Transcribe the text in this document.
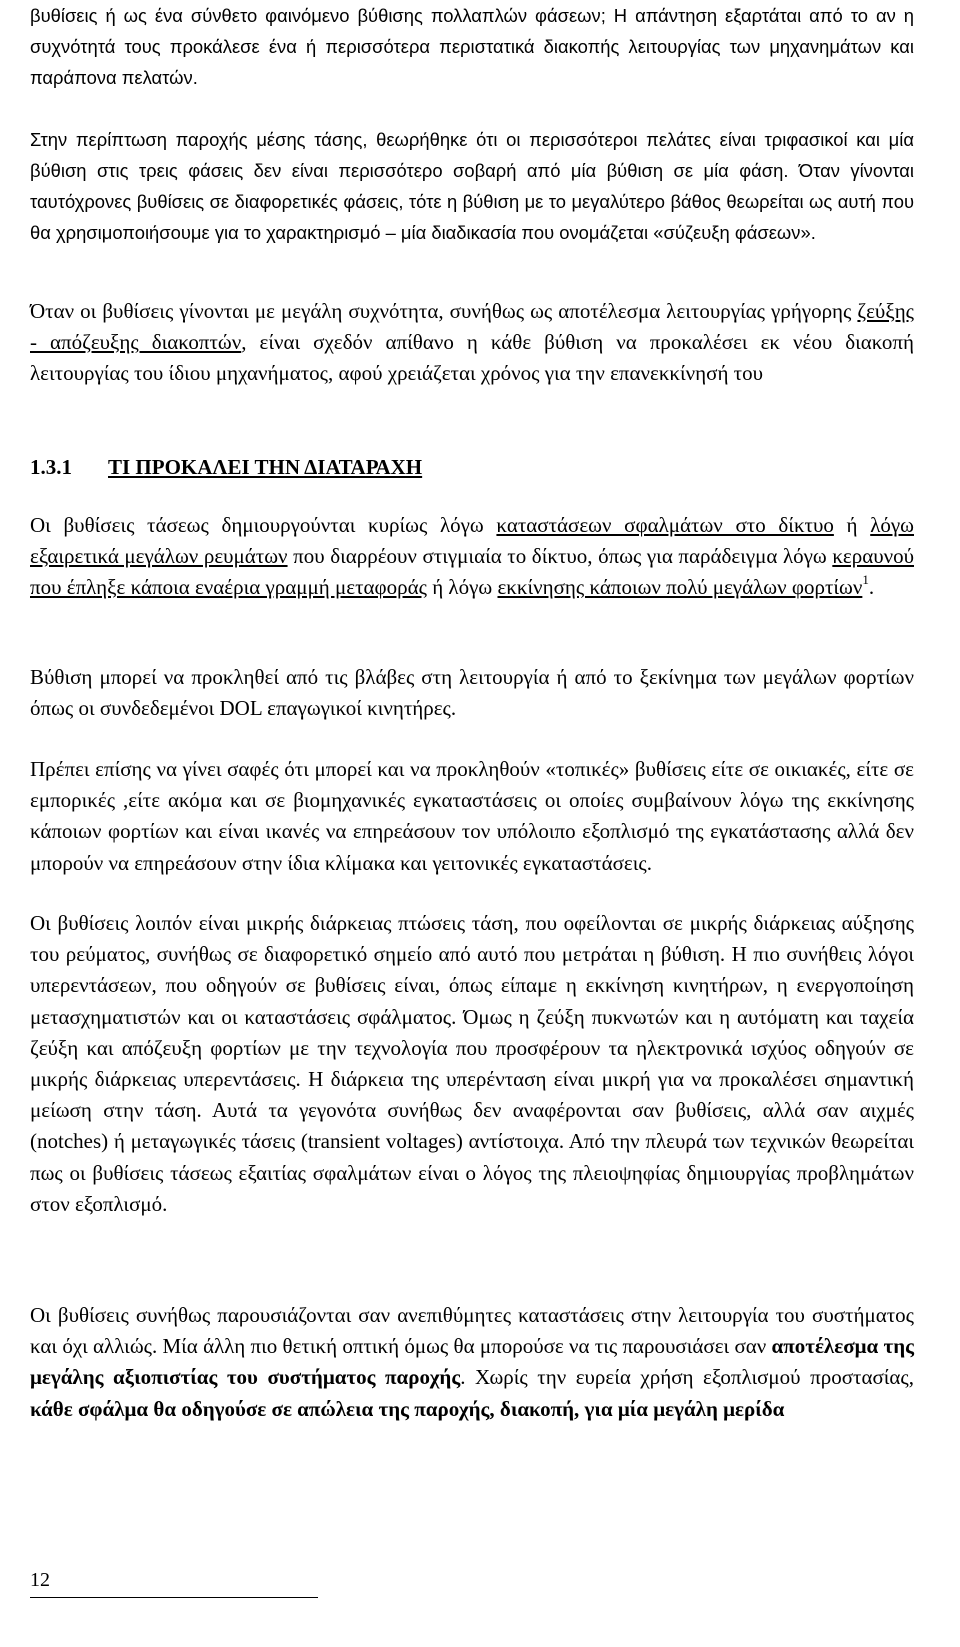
βυθίσεις ή ως ένα σύνθετο φαινόμενο βύθισης πολλαπλών φάσεων; Η απάντηση εξαρτάται από το αν η συχνότητά τους προκάλεσε ένα ή περισσότερα περιστατικά διακοπής λειτουργίας των μηχανημάτων και παράπονα πελατών.

Στην περίπτωση παροχής μέσης τάσης, θεωρήθηκε ότι οι περισσότεροι πελάτες είναι τριφασικοί και μία βύθιση στις τρεις φάσεις δεν είναι περισσότερο σοβαρή από μία βύθιση σε μία φάση. Όταν γίνονται ταυτόχρονες βυθίσεις σε διαφορετικές φάσεις, τότε η βύθιση με το μεγαλύτερο βάθος θεωρείται ως αυτή που θα χρησιμοποιήσουμε για το χαρακτηρισμό – μία διαδικασία που ονομάζεται «σύζευξη φάσεων».

Όταν οι βυθίσεις γίνονται με μεγάλη συχνότητα, συνήθως ως αποτέλεσμα λειτουργίας γρήγορης ζεύξης - απόζευξης διακοπτών, είναι σχεδόν απίθανο η κάθε βύθιση να προκαλέσει εκ νέου διακοπή λειτουργίας του ίδιου μηχανήματος, αφού χρειάζεται χρόνος για την επανεκκίνησή του

1.3.1 ΤΙ ΠΡΟΚΑΛΕΙ ΤΗΝ ΔΙΑΤΑΡΑΧΗ

Οι βυθίσεις τάσεως δημιουργούνται κυρίως λόγω καταστάσεων σφαλμάτων στο δίκτυο ή λόγω εξαιρετικά μεγάλων ρευμάτων που διαρρέουν στιγμιαία το δίκτυο, όπως για παράδειγμα λόγω κεραυνού που έπληξε κάποια εναέρια γραμμή μεταφοράς ή λόγω εκκίνησης κάποιων πολύ μεγάλων φορτίων$^1$.

Βύθιση μπορεί να προκληθεί από τις βλάβες στη λειτουργία ή από το ξεκίνημα των μεγάλων φορτίων όπως οι συνδεδεμένοι DOL επαγωγικοί κινητήρες.

Πρέπει επίσης να γίνει σαφές ότι μπορεί και να προκληθούν «τοπικές» βυθίσεις είτε σε οικιακές, είτε σε εμπορικές ,είτε ακόμα και σε βιομηχανικές εγκαταστάσεις οι οποίες συμβαίνουν λόγω της εκκίνησης κάποιων φορτίων και είναι ικανές να επηρεάσουν τον υπόλοιπο εξοπλισμό της εγκατάστασης αλλά δεν μπορούν να επηρεάσουν στην ίδια κλίμακα και γειτονικές εγκαταστάσεις.

Οι βυθίσεις λοιπόν είναι μικρής διάρκειας πτώσεις τάση, που οφείλονται σε μικρής διάρκειας αύξησης του ρεύματος, συνήθως σε διαφορετικό σημείο από αυτό που μετράται η βύθιση. Η πιο συνήθεις λόγοι υπερεντάσεων, που οδηγούν σε βυθίσεις είναι, όπως είπαμε η εκκίνηση κινητήρων, η ενεργοποίηση μετασχηματιστών και οι καταστάσεις σφάλματος. Όμως η ζεύξη πυκνωτών και η αυτόματη και ταχεία ζεύξη και απόζευξη φορτίων με την τεχνολογία που προσφέρουν τα ηλεκτρονικά ισχύος οδηγούν σε μικρής διάρκειας υπερεντάσεις. Η διάρκεια της υπερένταση είναι μικρή για να προκαλέσει σημαντική μείωση στην τάση. Αυτά τα γεγονότα συνήθως δεν αναφέρονται σαν βυθίσεις, αλλά σαν αιχμές (notches) ή μεταγωγικές τάσεις (transient voltages) αντίστοιχα. Από την πλευρά των τεχνικών θεωρείται πως οι βυθίσεις τάσεως εξαιτίας σφαλμάτων είναι ο λόγος της πλειοψηφίας δημιουργίας προβλημάτων στον εξοπλισμό.

Οι βυθίσεις συνήθως παρουσιάζονται σαν ανεπιθύμητες καταστάσεις στην λειτουργία του συστήματος και όχι αλλιώς. Μία άλλη πιο θετική οπτική όμως θα μπορούσε να τις παρουσιάσει σαν αποτέλεσμα της μεγάλης αξιοπιστίας του συστήματος παροχής. Χωρίς την ευρεία χρήση εξοπλισμού προστασίας, κάθε σφάλμα θα οδηγούσε σε απώλεια της παροχής, διακοπή, για μία μεγάλη μερίδα

12
